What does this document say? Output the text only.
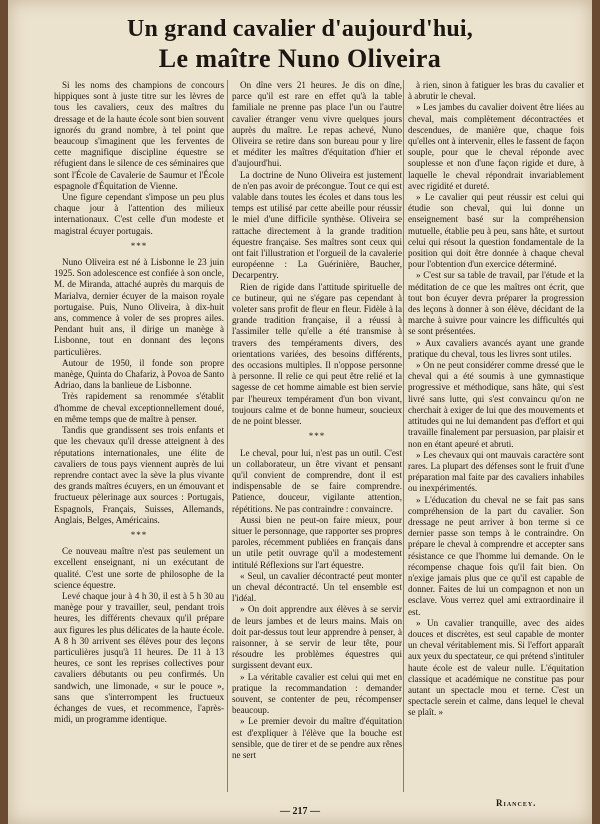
Un grand cavalier d'aujourd'hui,
Le maître Nuno Oliveira

Si les noms des champions de concours hippiques sont à juste titre sur les lèvres de tous les cavaliers, ceux des maîtres du dressage et de la haute école sont bien souvent ignorés du grand nombre, à tel point que beaucoup s'imaginent que les ferventes de cette magnifique discipline équestre se réfugient dans le silence de ces séminaires que sont l'École de Cavalerie de Saumur et l'École espagnole d'Équitation de Vienne.

Une figure cependant s'impose un peu plus chaque jour à l'attention des milieux internationaux. C'est celle d'un modeste et magistral écuyer portugais.

***

Nuno Oliveira est né à Lisbonne le 23 juin 1925. Son adolescence est confiée à son oncle, M. de Miranda, attaché auprès du marquis de Marialva, dernier écuyer de la maison royale portugaise. Puis, Nuno Oliveira, à dix-huit ans, commence à voler de ses propres ailes. Pendant huit ans, il dirige un manège à Lisbonne, tout en donnant des leçons particulières.

Autour de 1950, il fonde son propre manège, Quinta do Chafariz, à Povoa de Santo Adriao, dans la banlieue de Lisbonne.

Très rapidement sa renommée s'établit d'homme de cheval exceptionnellement doué, en même temps que de maître à penser.

Tandis que grandissent ses trois enfants et que les chevaux qu'il dresse atteignent à des réputations internationales, une élite de cavaliers de tous pays viennent auprès de lui reprendre contact avec la sève la plus vivante des grands maîtres écuyers, en un émouvant et fructueux pèlerinage aux sources : Portugais, Espagnols, Français, Suisses, Allemands, Anglais, Belges, Américains.

***

Ce nouveau maître n'est pas seulement un excellent enseignant, ni un exécutant de qualité. C'est une sorte de philosophe de la science équestre.

Levé chaque jour à 4 h 30, il est à 5 h 30 au manège pour y travailler, seul, pendant trois heures, les différents chevaux qu'il prépare aux figures les plus délicates de la haute école. A 8 h 30 arrivent ses élèves pour des leçons particulières jusqu'à 11 heures. De 11 à 13 heures, ce sont les reprises collectives pour cavaliers débutants ou peu confirmés. Un sandwich, une limonade, « sur le pouce », sans que s'interrompent les fructueux échanges de vues, et recommence, l'après-midi, un programme identique.

On dîne vers 21 heures. Je dis on dîne, parce qu'il est rare en effet qu'à la table familiale ne prenne pas place l'un ou l'autre cavalier étranger venu vivre quelques jours auprès du maître. Le repas achevé, Nuno Oliveira se retire dans son bureau pour y lire et méditer les maîtres d'équitation d'hier et d'aujourd'hui.

La doctrine de Nuno Oliveira est justement de n'en pas avoir de précongue. Tout ce qui est valable dans toutes les écoles et dans tous les temps est utilisé par cette abeille pour réussir le miel d'une difficile synthèse. Oliveira se rattache directement à la grande tradition équestre française. Ses maîtres sont ceux qui ont fait l'illustration et l'orgueil de la cavalerie européenne : La Guérinière, Baucher, Decarpentry.

Rien de rigide dans l'attitude spirituelle de ce butineur, qui ne s'égare pas cependant à voleter sans profit de fleur en fleur. Fidèle à la grande tradition française, il a réussi à l'assimiler telle qu'elle a été transmise à travers des tempéraments divers, des orientations variées, des besoins différents, des occasions multiples. Il n'oppose personne à personne. Il relie ce qui peut être relié et la sagesse de cet homme aimable est bien servie par l'heureux tempérament d'un bon vivant, toujours calme et de bonne humeur, soucieux de ne point blesser.

***

Le cheval, pour lui, n'est pas un outil. C'est un collaborateur, un être vivant et pensant qu'il convient de comprendre, dont il est indispensable de se faire comprendre. Patience, douceur, vigilante attention, répétitions. Ne pas contraindre : convaincre.

Aussi bien ne peut-on faire mieux, pour situer le personnage, que rapporter ses propres paroles, récemment publiées en français dans un utile petit ouvrage qu'il a modestement intitulé Réflexions sur l'art équestre.

« Seul, un cavalier décontracté peut monter un cheval décontracté. Un tel ensemble est l'idéal.

» On doit apprendre aux élèves à se servir de leurs jambes et de leurs mains. Mais on doit par-dessus tout leur apprendre à penser, à raisonner, à se servir de leur tête, pour résoudre les problèmes équestres qui surgissent devant eux.

» La véritable cavalier est celui qui met en pratique la recommandation : demander souvent, se contenter de peu, récompenser beaucoup.

» Le premier devoir du maître d'équitation est d'expliquer à l'élève que la bouche est sensible, que de tirer et de se pendre aux rênes ne sert

à rien, sinon à fatiguer les bras du cavalier et à abrutir le cheval.

» Les jambes du cavalier doivent être liées au cheval, mais complètement décontractées et descendues, de manière que, chaque fois qu'elles ont à intervenir, elles le fassent de façon souple, pour que le cheval réponde avec souplesse et non d'une façon rigide et dure, à laquelle le cheval répondrait invariablement avec rigidité et dureté.

» Le cavalier qui peut réussir est celui qui étudie son cheval, qui lui donne un enseignement basé sur la compréhension mutuelle, établie peu à peu, sans hâte, et surtout celui qui résout la question fondamentale de la position qui doit être donnée à chaque cheval pour l'obtention d'un exercice déterminé.

» C'est sur sa table de travail, par l'étude et la méditation de ce que les maîtres ont écrit, que tout bon écuyer devra préparer la progression des leçons à donner à son élève, décidant de la marche à suivre pour vaincre les difficultés qui se sont présentées.

» Aux cavaliers avancés ayant une grande pratique du cheval, tous les livres sont utiles.

» On ne peut considérer comme dressé que le cheval qui a été soumis à une gymnastique progressive et méthodique, sans hâte, qui s'est livré sans lutte, qui s'est convaincu qu'on ne cherchait à exiger de lui que des mouvements et attitudes qui ne lui demandent pas d'effort et qui travaille finalement par persuasion, par plaisir et non en étant apeuré et abruti.

» Les chevaux qui ont mauvais caractère sont rares. La plupart des défenses sont le fruit d'une préparation mal faite par des cavaliers inhabiles ou inexpérimentés.

» L'éducation du cheval ne se fait pas sans compréhension de la part du cavalier. Son dressage ne peut arriver à bon terme si ce dernier passe son temps à le contraindre. On prépare le cheval à comprendre et accepter sans résistance ce que l'homme lui demande. On le récompense chaque fois qu'il fait bien. On n'exige jamais plus que ce qu'il est capable de donner. Faites de lui un compagnon et non un esclave. Vous verrez quel ami extraordinaire il est.

» Un cavalier tranquille, avec des aides douces et discrètes, est seul capable de monter un cheval véritablement mis. Si l'effort apparaît aux yeux du spectateur, ce qui prétend s'intituler haute école est de valeur nulle. L'équitation classique et académique ne constitue pas pour autant un spectacle mou et terne. C'est un spectacle serein et calme, dans lequel le cheval se plaît. »

Riancey.
— 217 —
